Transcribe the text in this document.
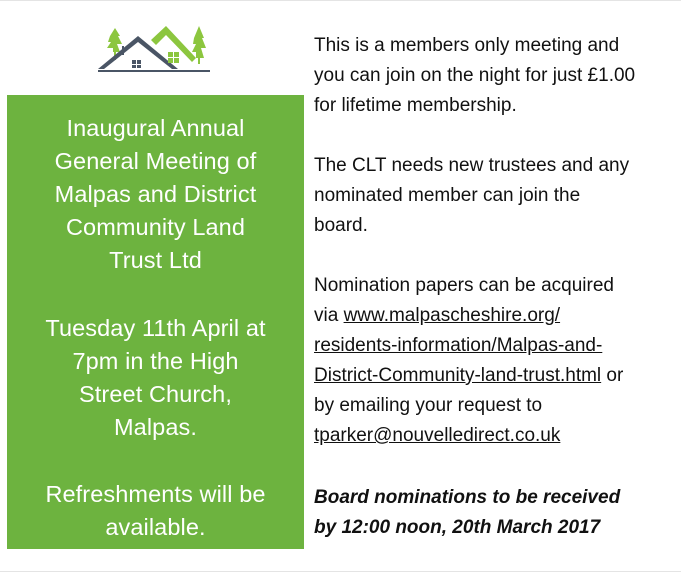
Inaugural Annual
General Meeting of
Malpas and District
Community Land
Trust Ltd
Tuesday 11th April at
7pm in the High
Street Church,
Malpas.
Refreshments will be
available.

This is a members only meeting and
you can join on the night for just £1.00
for lifetime membership.

The CLT needs new trustees and any
nominated member can join the
board.

Nomination papers can be acquired
via www.malpascheshire.org/
residents-information/Malpas-and-
District-Community-land-trust.html or
by emailing your request to
tparker@nouvelledirect.co.uk

Board nominations to be received
by 12:00 noon, 20th March 2017
